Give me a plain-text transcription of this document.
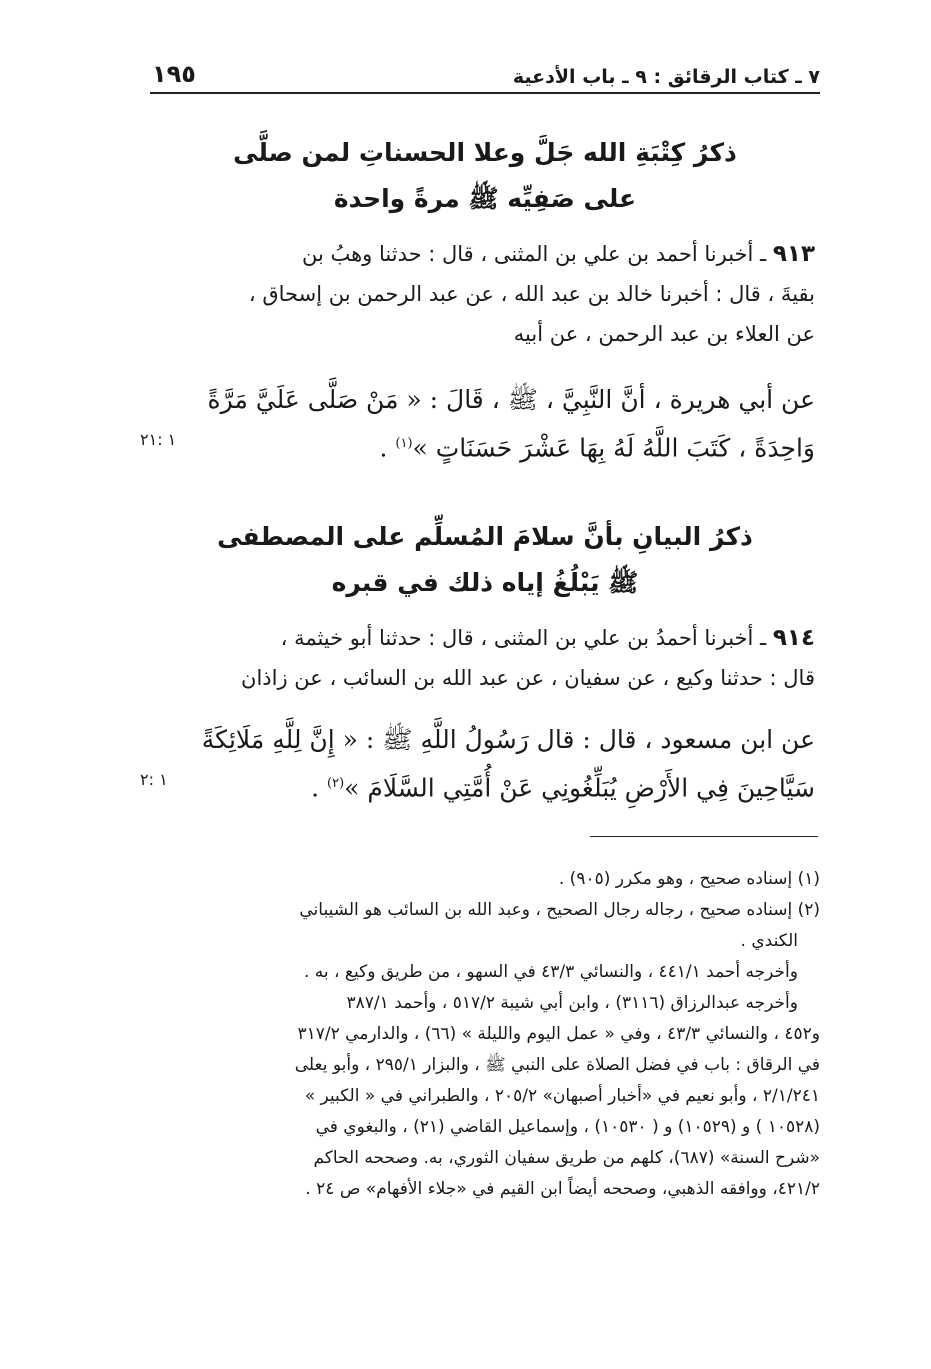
٧ ـ كتاب الرقائق : ٩ ـ باب الأدعية
١٩٥
ذكرُ كِتْبَةِ الله جَلَّ وعلا الحسناتِ لمن صلَّى
على صَفِيِّه ﷺ مرةً واحدة
٩١٣ ـ أخبرنا أحمد بن علي بن المثنى ، قال : حدثنا وهبُ بن
بقيةَ ، قال : أخبرنا خالد بن عبد الله ، عن عبد الرحمن بن إسحاق ،
عن العلاء بن عبد الرحمن ، عن أبيه
عن أبي هريرة ، أنَّ النَّبِيَّ ، ﷺ ، قَالَ : « مَنْ صَلَّى عَلَيَّ مَرَّةً
وَاحِدَةً ، كَتَبَ اللَّهُ لَهُ بِهَا عَشْرَ حَسَنَاتٍ »$^{(١)}$ .
١ :٢١
ذكرُ البيانِ بأنَّ سلامَ المُسلِّم على المصطفى
ﷺ يَبْلُغُ إياه ذلك في قبره
٩١٤ ـ أخبرنا أحمدُ بن علي بن المثنى ، قال : حدثنا أبو خيثمة ،
قال : حدثنا وكيع ، عن سفيان ، عن عبد الله بن السائب ، عن زاذان
عن ابن مسعود ، قال : قال رَسُولُ اللَّهِ ﷺ : « إِنَّ لِلَّهِ مَلَائِكَةً
سَيَّاحِينَ فِي الأَرْضِ يُبَلِّغُونِي عَنْ أُمَّتِي السَّلَامَ »$^{(٢)}$ .
١ :٢
(١) إسناده صحيح ، وهو مكرر (٩٠٥) .
(٢) إسناده صحيح ، رجاله رجال الصحيح ، وعبد الله بن السائب هو الشيباني
الكندي .
وأخرجه أحمد ٤٤١/١ ، والنسائي ٤٣/٣ في السهو ، من طريق وكيع ، به .
وأخرجه عبدالرزاق (٣١١٦) ، وابن أبي شيبة ٥١٧/٢ ، وأحمد ٣٨٧/١
و٤٥٢ ، والنسائي ٤٣/٣ ، وفي « عمل اليوم والليلة » (٦٦) ، والدارمي ٣١٧/٢
في الرقاق : باب في فضل الصلاة على النبي ﷺ ، والبزار ٢٩٥/١ ، وأبو يعلى
٢/١/٢٤١ ، وأبو نعيم في «أخبار أصبهان» ٢٠٥/٢ ، والطبراني في « الكبير »
(١٠٥٢٨ ) و (١٠٥٢٩) و ( ١٠٥٣٠) ، وإسماعيل القاضي (٢١) ، والبغوي في
«شرح السنة» (٦٨٧)، كلهم من طريق سفيان الثوري، به. وصححه الحاكم
٤٢١/٢، ووافقه الذهبي، وصححه أيضاً ابن القيم في «جلاء الأفهام» ص ٢٤ .
